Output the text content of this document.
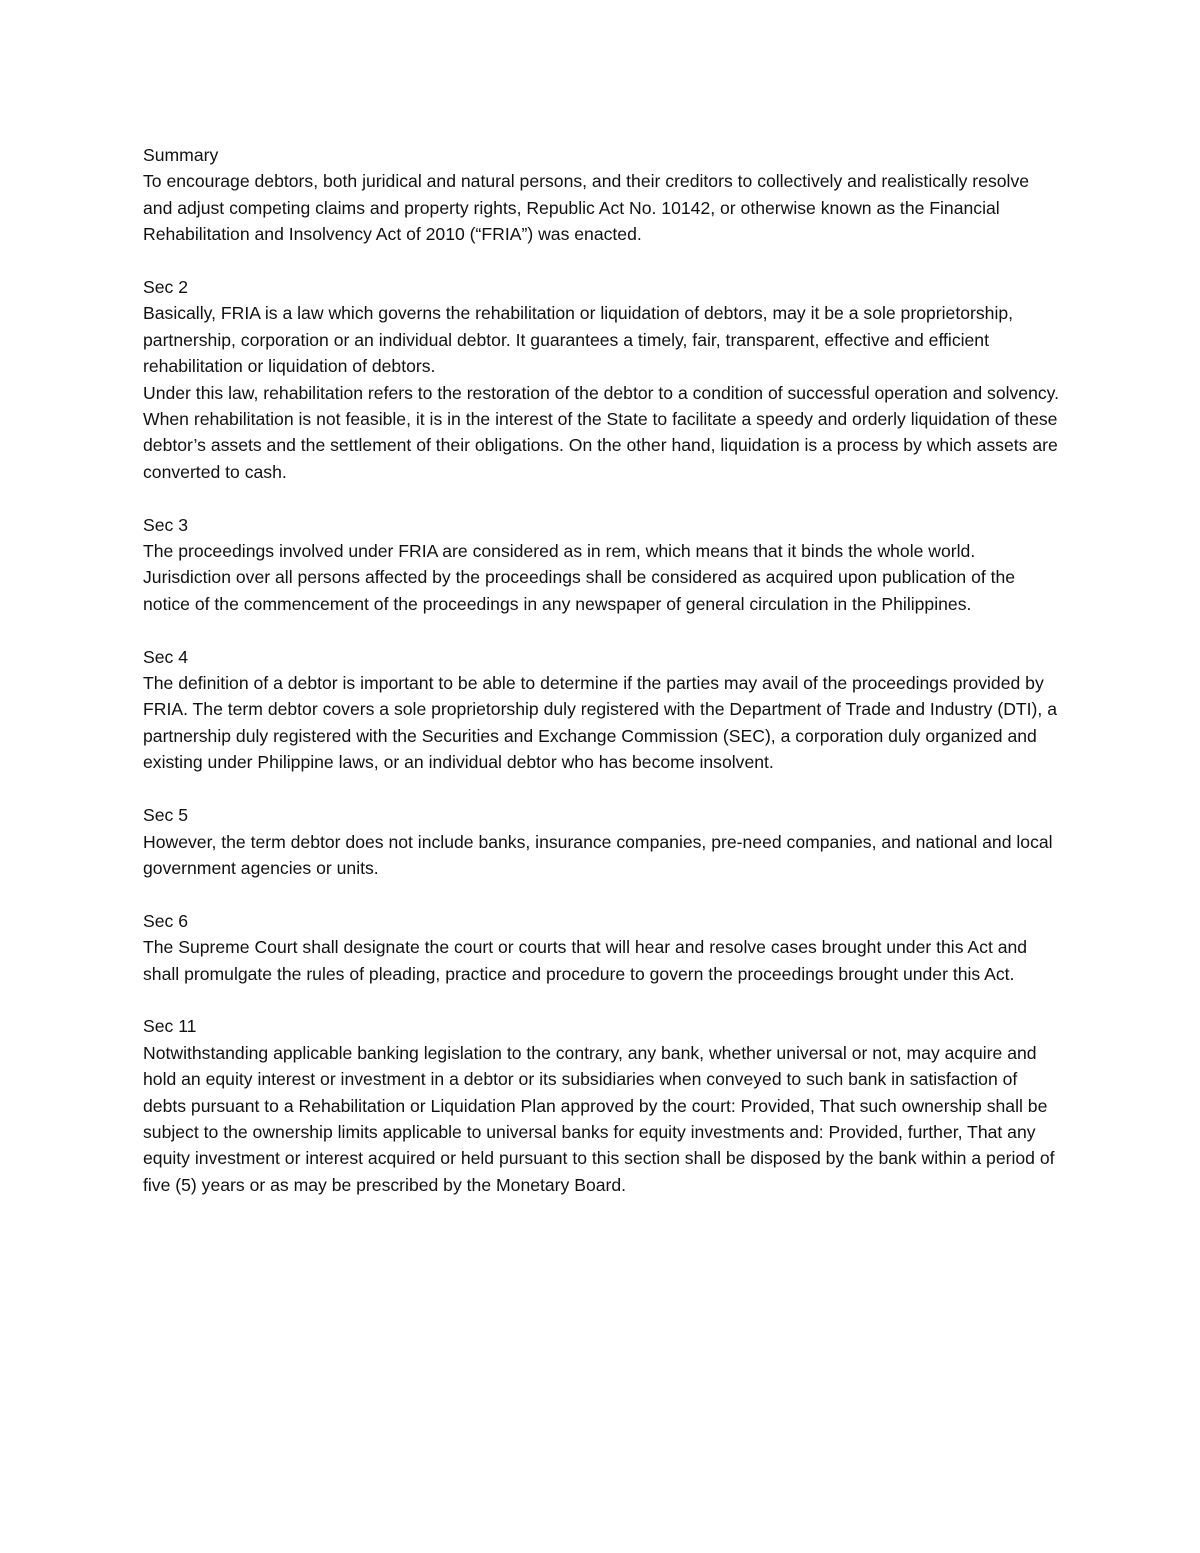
Summary
To encourage debtors, both juridical and natural persons, and their creditors to collectively and realistically resolve and adjust competing claims and property rights, Republic Act No. 10142, or otherwise known as the Financial Rehabilitation and Insolvency Act of 2010 (“FRIA”) was enacted.
Sec 2
Basically, FRIA is a law which governs the rehabilitation or liquidation of debtors, may it be a sole proprietorship, partnership, corporation or an individual debtor. It guarantees a timely, fair, transparent, effective and efficient rehabilitation or liquidation of debtors.
Under this law, rehabilitation refers to the restoration of the debtor to a condition of successful operation and solvency. When rehabilitation is not feasible, it is in the interest of the State to facilitate a speedy and orderly liquidation of these debtor’s assets and the settlement of their obligations. On the other hand, liquidation is a process by which assets are converted to cash.
Sec 3
The proceedings involved under FRIA are considered as in rem, which means that it binds the whole world. Jurisdiction over all persons affected by the proceedings shall be considered as acquired upon publication of the notice of the commencement of the proceedings in any newspaper of general circulation in the Philippines.
Sec 4
The definition of a debtor is important to be able to determine if the parties may avail of the proceedings provided by FRIA. The term debtor covers a sole proprietorship duly registered with the Department of Trade and Industry (DTI), a partnership duly registered with the Securities and Exchange Commission (SEC), a corporation duly organized and existing under Philippine laws, or an individual debtor who has become insolvent.
Sec 5
However, the term debtor does not include banks, insurance companies, pre-need companies, and national and local government agencies or units.
Sec 6
The Supreme Court shall designate the court or courts that will hear and resolve cases brought under this Act and shall promulgate the rules of pleading, practice and procedure to govern the proceedings brought under this Act.
Sec 11
Notwithstanding applicable banking legislation to the contrary, any bank, whether universal or not, may acquire and hold an equity interest or investment in a debtor or its subsidiaries when conveyed to such bank in satisfaction of debts pursuant to a Rehabilitation or Liquidation Plan approved by the court: Provided, That such ownership shall be subject to the ownership limits applicable to universal banks for equity investments and: Provided, further, That any equity investment or interest acquired or held pursuant to this section shall be disposed by the bank within a period of five (5) years or as may be prescribed by the Monetary Board.
